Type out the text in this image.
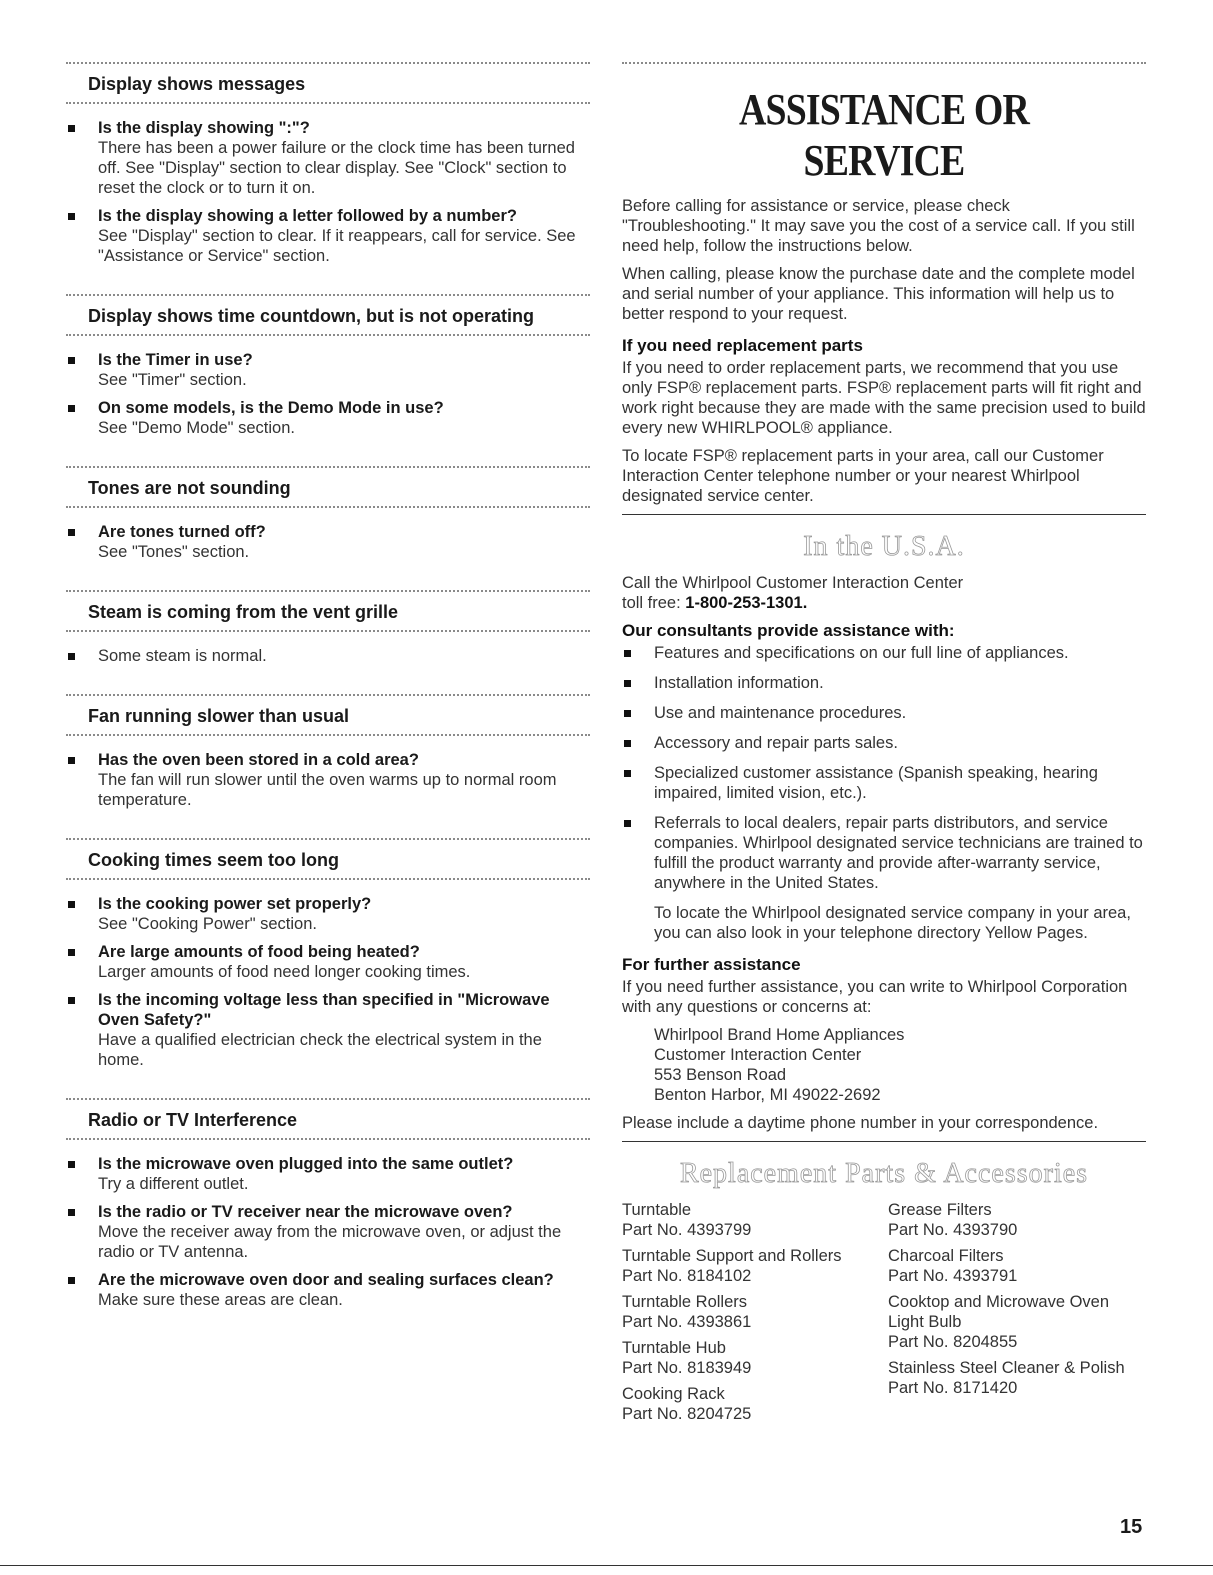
Display shows messages
Is the display showing ":"?
There has been a power failure or the clock time has been turned off. See "Display" section to clear display. See "Clock" section to reset the clock or to turn it on.
Is the display showing a letter followed by a number?
See "Display" section to clear. If it reappears, call for service. See "Assistance or Service" section.
Display shows time countdown, but is not operating
Is the Timer in use?
See "Timer" section.
On some models, is the Demo Mode in use?
See "Demo Mode" section.
Tones are not sounding
Are tones turned off?
See "Tones" section.
Steam is coming from the vent grille
Some steam is normal.
Fan running slower than usual
Has the oven been stored in a cold area?
The fan will run slower until the oven warms up to normal room temperature.
Cooking times seem too long
Is the cooking power set properly?
See "Cooking Power" section.
Are large amounts of food being heated?
Larger amounts of food need longer cooking times.
Is the incoming voltage less than specified in "Microwave Oven Safety?"
Have a qualified electrician check the electrical system in the home.
Radio or TV Interference
Is the microwave oven plugged into the same outlet?
Try a different outlet.
Is the radio or TV receiver near the microwave oven?
Move the receiver away from the microwave oven, or adjust the radio or TV antenna.
Are the microwave oven door and sealing surfaces clean?
Make sure these areas are clean.
ASSISTANCE OR SERVICE

Before calling for assistance or service, please check "Troubleshooting." It may save you the cost of a service call. If you still need help, follow the instructions below.

When calling, please know the purchase date and the complete model and serial number of your appliance. This information will help us to better respond to your request.

If you need replacement parts

If you need to order replacement parts, we recommend that you use only FSP® replacement parts. FSP® replacement parts will fit right and work right because they are made with the same precision used to build every new WHIRLPOOL® appliance.

To locate FSP® replacement parts in your area, call our Customer Interaction Center telephone number or your nearest Whirlpool designated service center.

In the U.S.A.

Call the Whirlpool Customer Interaction Center

toll free: 1-800-253-1301.

Our consultants provide assistance with:
Features and specifications on our full line of appliances.
Installation information.
Use and maintenance procedures.
Accessory and repair parts sales.
Specialized customer assistance (Spanish speaking, hearing impaired, limited vision, etc.).
Referrals to local dealers, repair parts distributors, and service companies. Whirlpool designated service technicians are trained to fulfill the product warranty and provide after-warranty service, anywhere in the United States.

To locate the Whirlpool designated service company in your area, you can also look in your telephone directory Yellow Pages.

For further assistance

If you need further assistance, you can write to Whirlpool Corporation with any questions or concerns at:

Whirlpool Brand Home Appliances
Customer Interaction Center
553 Benson Road
Benton Harbor, MI 49022-2692

Please include a daytime phone number in your correspondence.

Replacement Parts & Accessories
Turntable
Part No. 4393799
Turntable Support and Rollers
Part No. 8184102
Turntable Rollers
Part No. 4393861
Turntable Hub
Part No. 8183949
Cooking Rack
Part No. 8204725
Grease Filters
Part No. 4393790
Charcoal Filters
Part No. 4393791
Cooktop and Microwave Oven Light Bulb
Part No. 8204855
Stainless Steel Cleaner & Polish
Part No. 8171420
15
